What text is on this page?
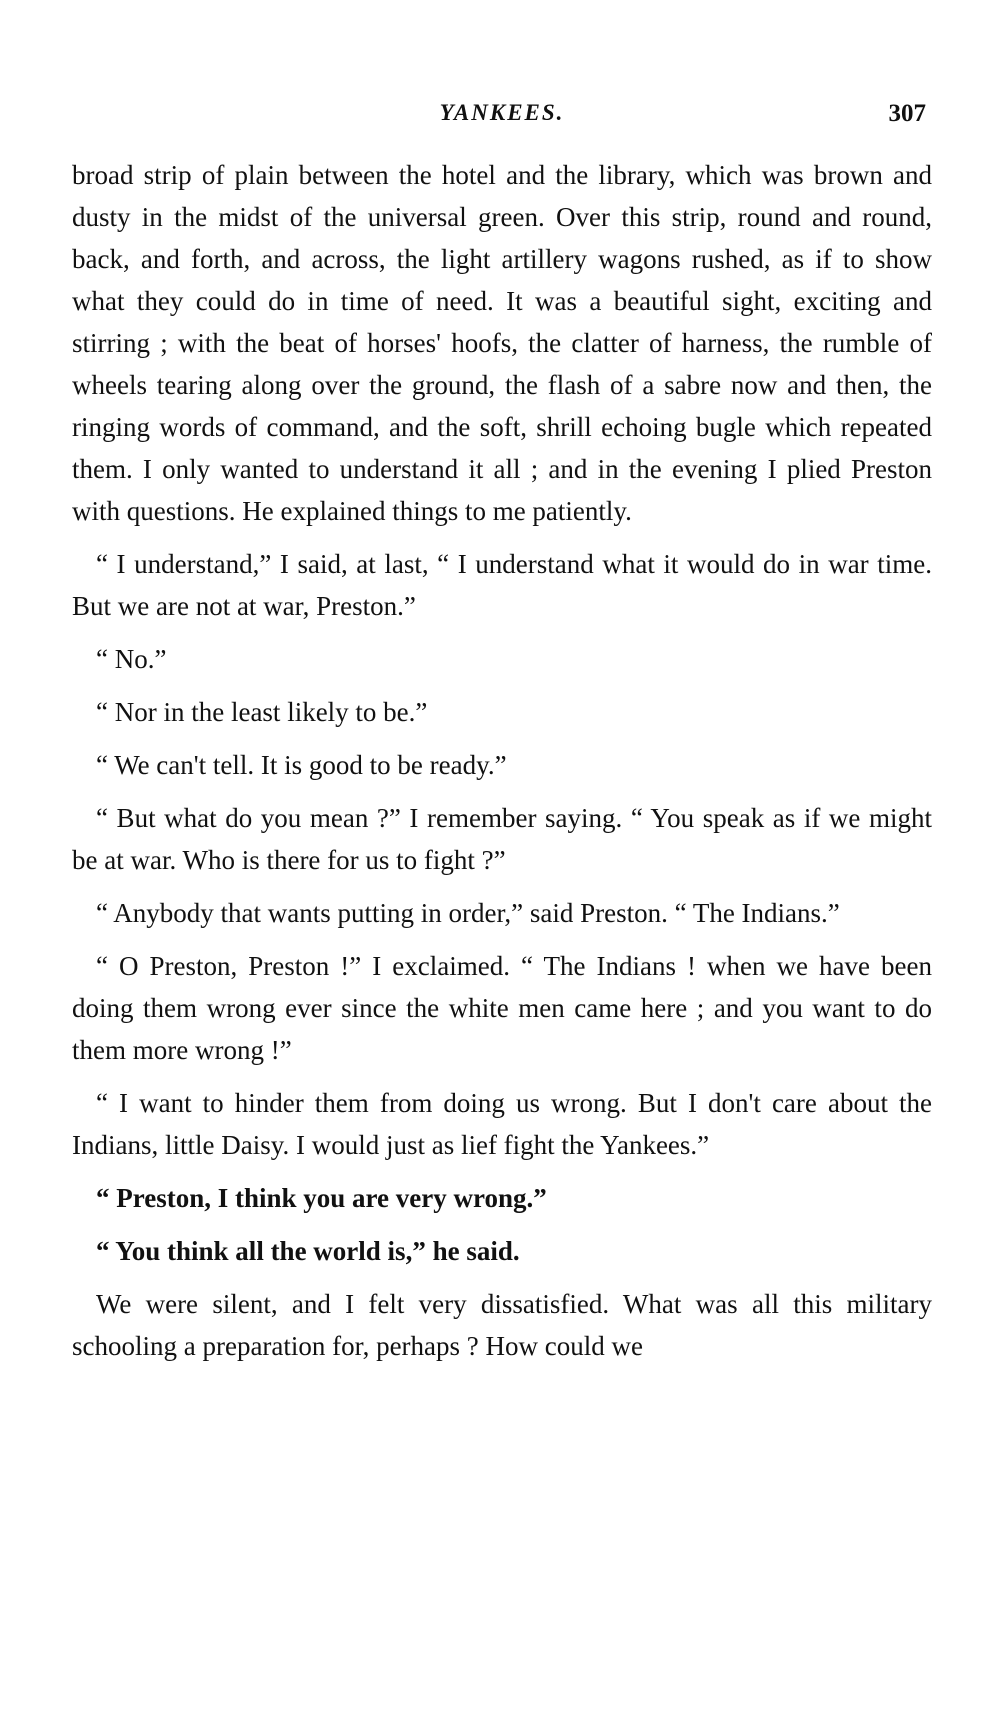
YANKEES.	307

broad strip of plain between the hotel and the library, which was brown and dusty in the midst of the universal green. Over this strip, round and round, back, and forth, and across, the light artillery wagons rushed, as if to show what they could do in time of need. It was a beautiful sight, exciting and stirring ; with the beat of horses' hoofs, the clatter of harness, the rumble of wheels tearing along over the ground, the flash of a sabre now and then, the ringing words of command, and the soft, shrill echoing bugle which repeated them. I only wanted to understand it all ; and in the evening I plied Preston with questions. He explained things to me patiently.

“ I understand,” I said, at last, “ I understand what it would do in war time. But we are not at war, Preston.”

“ No.”

“ Nor in the least likely to be.”

“ We can't tell. It is good to be ready.”

“ But what do you mean ?” I remember saying. “ You speak as if we might be at war. Who is there for us to fight ?”

“ Anybody that wants putting in order,” said Preston. “ The Indians.”

“ O Preston, Preston !” I exclaimed. “ The Indians ! when we have been doing them wrong ever since the white men came here ; and you want to do them more wrong !”

“ I want to hinder them from doing us wrong. But I don't care about the Indians, little Daisy. I would just as lief fight the Yankees.”

“ Preston, I think you are very wrong.”

“ You think all the world is,” he said.

We were silent, and I felt very dissatisfied. What was all this military schooling a preparation for, perhaps ? How could we
